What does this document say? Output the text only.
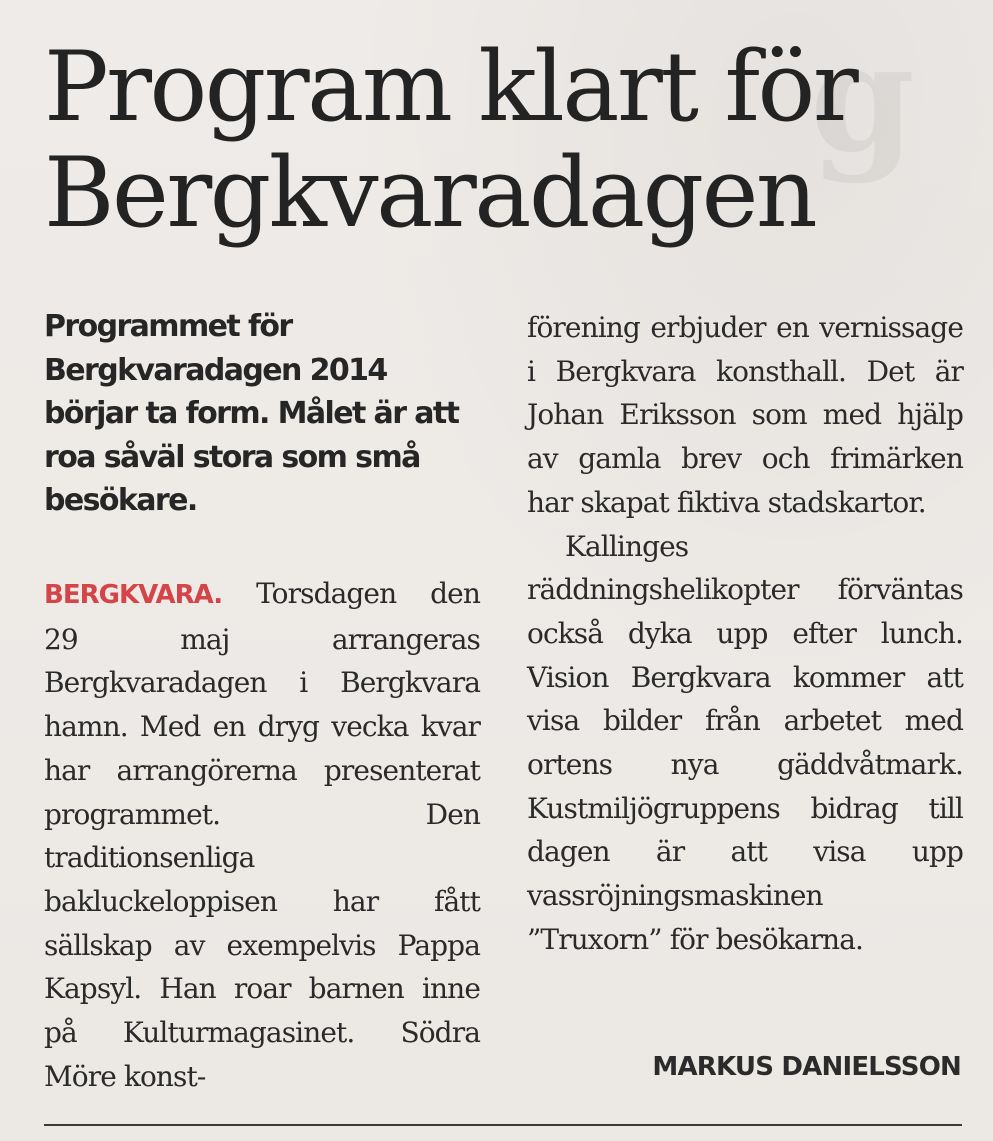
g
Program klart för Bergkvaradagen

Programmet för Bergkvaradagen 2014 börjar ta form. Målet är att roa såväl stora som små besökare.

BERGKVARA. Torsdagen den 29 maj arrangeras Bergkvaradagen i Bergkvara hamn. Med en dryg vecka kvar har arrangörerna presenterat programmet. Den traditionsenliga bakluckeloppisen har fått sällskap av exempelvis Pappa Kapsyl. Han roar barnen inne på Kulturmagasinet. Södra Möre konst-

förening erbjuder en vernissage i Bergkvara konsthall. Det är Johan Eriksson som med hjälp av gamla brev och frimärken har skapat fiktiva stadskartor.

Kallinges räddningshelikopter förväntas också dyka upp efter lunch. Vision Bergkvara kommer att visa bilder från arbetet med ortens nya gäddvåtmark. Kustmiljögruppens bidrag till dagen är att visa upp vassröjningsmaskinen ”Truxorn” för besökarna.

MARKUS DANIELSSON
